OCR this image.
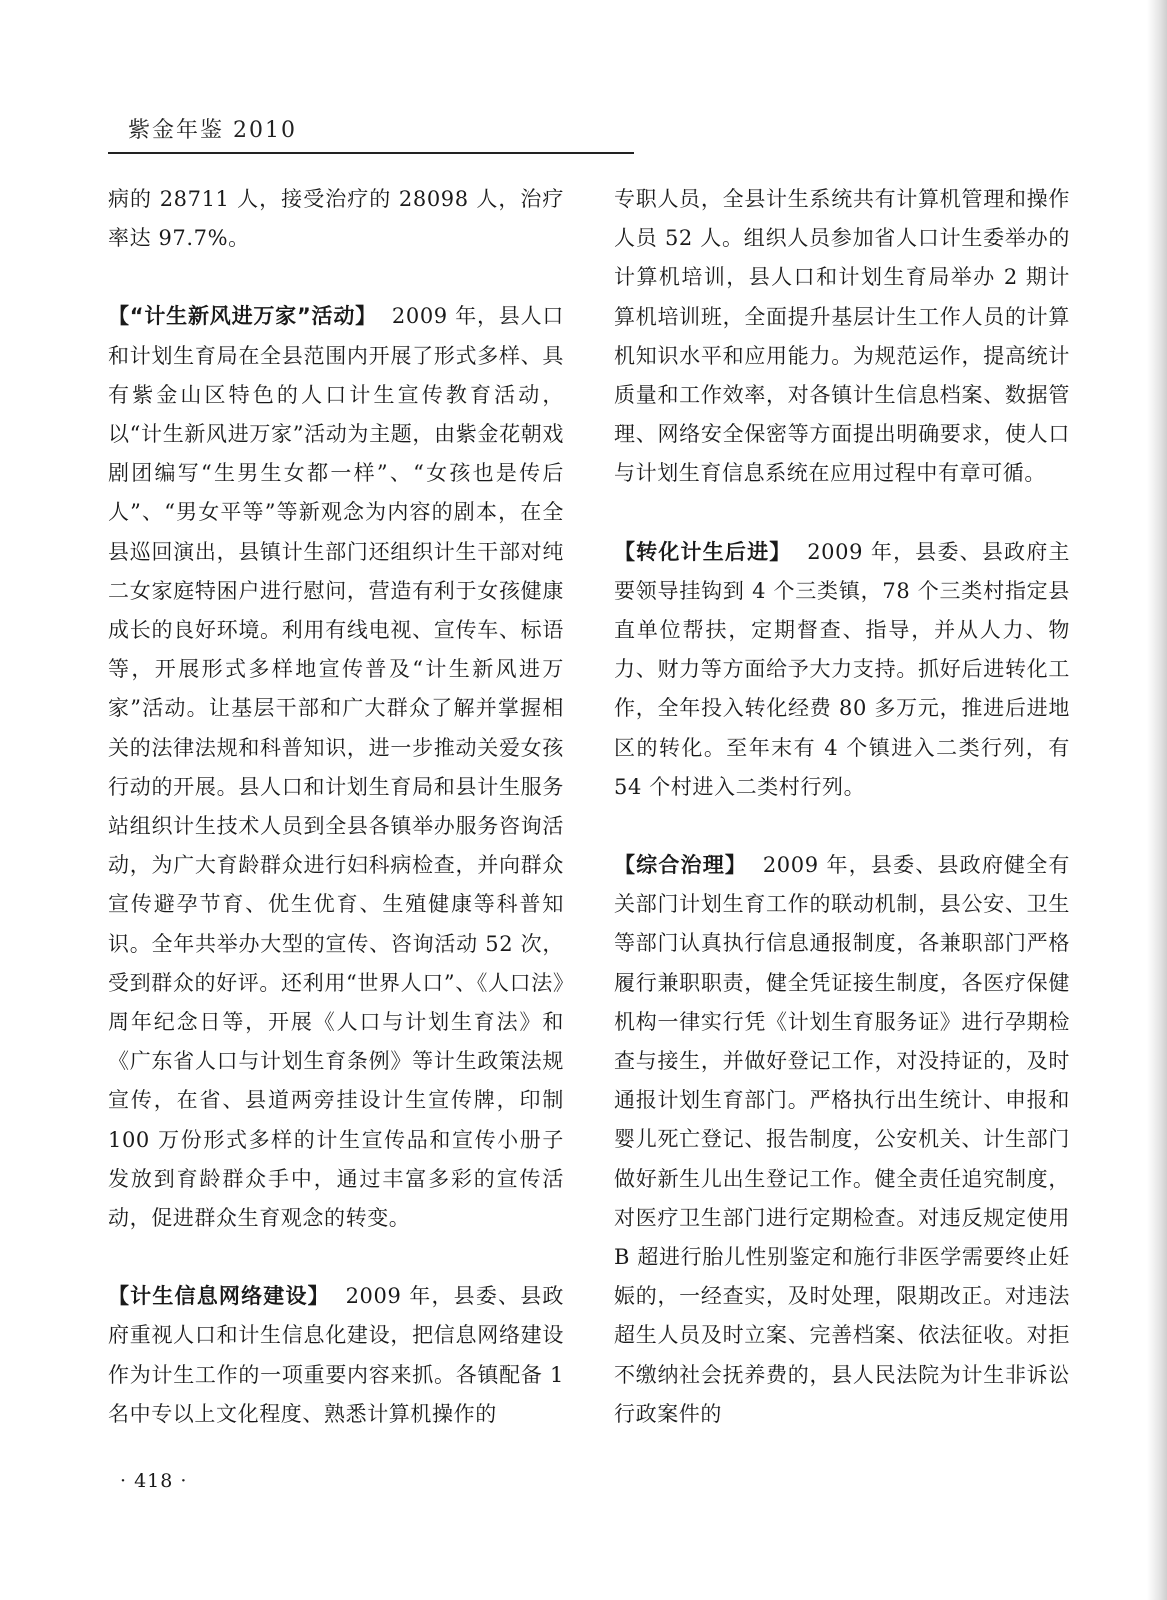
紫金年鉴 2010

病的 28711 人，接受治疗的 28098 人，治疗率达 97.7%。

【“计生新风进万家”活动】 2009 年，县人口和计划生育局在全县范围内开展了形式多样、具有紫金山区特色的人口计生宣传教育活动，以“计生新风进万家”活动为主题，由紫金花朝戏剧团编写“生男生女都一样”、“女孩也是传后人”、“男女平等”等新观念为内容的剧本，在全县巡回演出，县镇计生部门还组织计生干部对纯二女家庭特困户进行慰问，营造有利于女孩健康成长的良好环境。利用有线电视、宣传车、标语等，开展形式多样地宣传普及“计生新风进万家”活动。让基层干部和广大群众了解并掌握相关的法律法规和科普知识，进一步推动关爱女孩行动的开展。县人口和计划生育局和县计生服务站组织计生技术人员到全县各镇举办服务咨询活动，为广大育龄群众进行妇科病检查，并向群众宣传避孕节育、优生优育、生殖健康等科普知识。全年共举办大型的宣传、咨询活动 52 次，受到群众的好评。还利用“世界人口”、《人口法》周年纪念日等，开展《人口与计划生育法》和《广东省人口与计划生育条例》等计生政策法规宣传，在省、县道两旁挂设计生宣传牌，印制 100 万份形式多样的计生宣传品和宣传小册子发放到育龄群众手中，通过丰富多彩的宣传活动，促进群众生育观念的转变。

【计生信息网络建设】 2009 年，县委、县政府重视人口和计生信息化建设，把信息网络建设作为计生工作的一项重要内容来抓。各镇配备 1 名中专以上文化程度、熟悉计算机操作的

专职人员，全县计生系统共有计算机管理和操作人员 52 人。组织人员参加省人口计生委举办的计算机培训，县人口和计划生育局举办 2 期计算机培训班，全面提升基层计生工作人员的计算机知识水平和应用能力。为规范运作，提高统计质量和工作效率，对各镇计生信息档案、数据管理、网络安全保密等方面提出明确要求，使人口与计划生育信息系统在应用过程中有章可循。

【转化计生后进】 2009 年，县委、县政府主要领导挂钩到 4 个三类镇，78 个三类村指定县直单位帮扶，定期督查、指导，并从人力、物力、财力等方面给予大力支持。抓好后进转化工作，全年投入转化经费 80 多万元，推进后进地区的转化。至年末有 4 个镇进入二类行列，有 54 个村进入二类村行列。

【综合治理】 2009 年，县委、县政府健全有关部门计划生育工作的联动机制，县公安、卫生等部门认真执行信息通报制度，各兼职部门严格履行兼职职责，健全凭证接生制度，各医疗保健机构一律实行凭《计划生育服务证》进行孕期检查与接生，并做好登记工作，对没持证的，及时通报计划生育部门。严格执行出生统计、申报和婴儿死亡登记、报告制度，公安机关、计生部门做好新生儿出生登记工作。健全责任追究制度，对医疗卫生部门进行定期检查。对违反规定使用 B 超进行胎儿性别鉴定和施行非医学需要终止妊娠的，一经查实，及时处理，限期改正。对违法超生人员及时立案、完善档案、依法征收。对拒不缴纳社会抚养费的，县人民法院为计生非诉讼行政案件的

· 418 ·
